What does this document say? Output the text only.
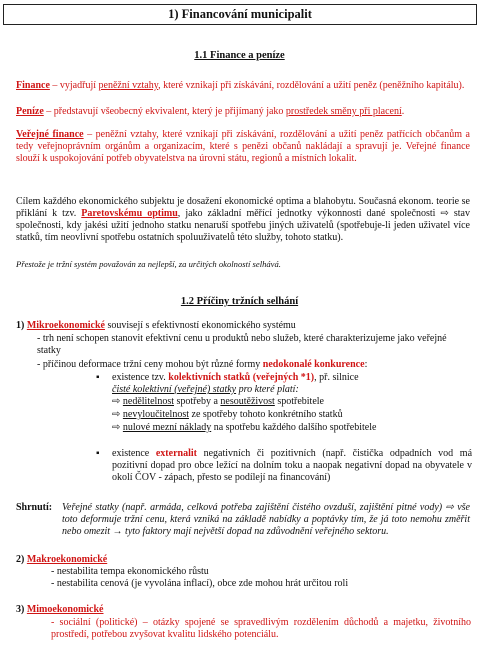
1) Financování municipalit
1.1 Finance a peníze
Finance – vyjadřují peněžní vztahy, které vznikají při získávání, rozdělování a užití peněz (peněžního kapitálu).
Peníze – představují všeobecný ekvivalent, který je přijímaný jako prostředek směny při placení.
Veřejné finance – peněžní vztahy, které vznikají při získávání, rozdělování a užití peněz patřících občanům a tedy veřejnoprávním orgánům a organizacím, které s penězi občanů nakládají a spravují je. Veřejné finance slouží k uspokojování potřeb obyvatelstva na úrovni státu, regionů a místních lokalit.
Cílem každého ekonomického subjektu je dosažení ekonomické optima a blahobytu. Současná ekonom. teorie se přiklání k tzv. Paretovskému optimu, jako základní měřící jednotky výkonnosti dané společnosti ⇨ stav společnosti, kdy jakési užití jednoho statku nenaruší spotřebu jiných uživatelů (spotřebuje-li jeden uživatel více statků, tím neovlivní spotřebu ostatních spoluuživatelů této služby, tohoto statku).
Přestože je tržní systém považován za nejlepší, za určitých okolností selhává.
1.2 Příčiny tržních selhání
1) Mikroekonomické souvisejí s efektivností ekonomického systému
- trh není schopen stanovit efektivní cenu u produktů nebo služeb, které charakterizujeme jako veřejné statky
- příčinou deformace tržní ceny mohou být různé formy nedokonalé konkurence:
▪ existence tzv. kolektivních statků (veřejných *1), př. silnice
čisté kolektivní (veřejné) statky pro které platí:
⇨ nedělitelnost spotřeby a nesoutěživost spotřebitele
⇨ nevyloučitelnost ze spotřeby tohoto konkrétního statků
⇨ nulové mezní náklady na spotřebu každého dalšího spotřebitele
▪ existence externalit negativních či pozitivních (např. čistička odpadních vod má pozitivní dopad pro obce ležící na dolním toku a naopak negativní dopad na obyvatele v okolí ČOV - zápach, přesto se podílejí na financování)
Shrnutí: Veřejné statky (např. armáda, celková potřeba zajištění čistého ovzduší, zajištění pitné vody) ⇨ vše toto deformuje tržní cenu, která vzniká na základě nabídky a poptávky tím, že já toto nemohu změřit nebo omezit → tyto faktory mají největší dopad na zdůvodnění veřejného sektoru.
2) Makroekonomické
- nestabilita tempa ekonomického růstu
- nestabilita cenová (je vyvolána inflací), obce zde mohou hrát určitou roli
3) Mimoekonomické
- sociální (politické) – otázky spojené se spravedlivým rozdělením důchodů a majetku, životního prostředí, potřebou zvyšovat kvalitu lidského potenciálu.
